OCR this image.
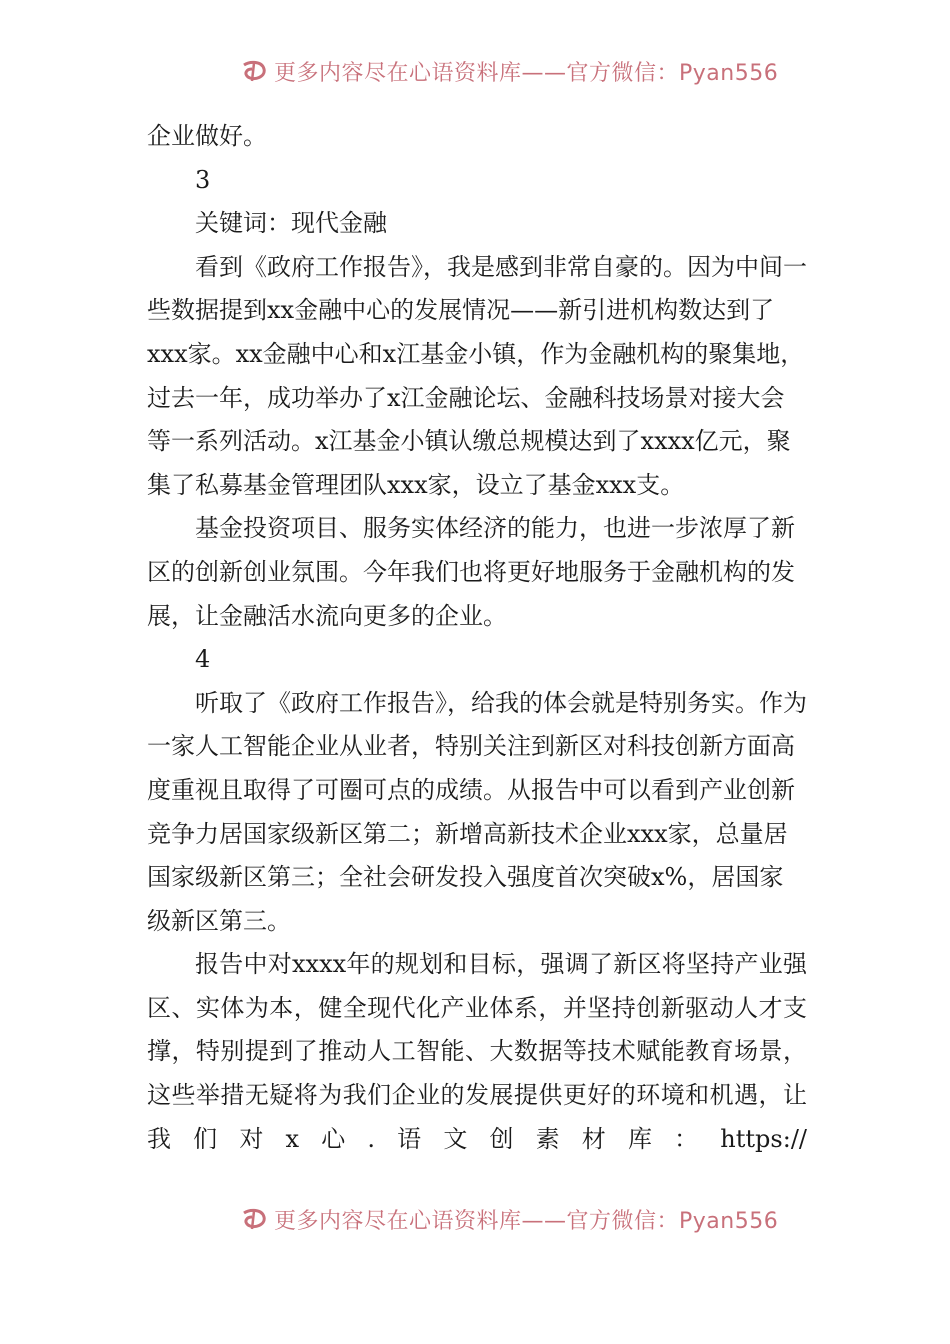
更多内容尽在心语资料库——官方微信：Pyan556

企业做好。

3

关键词：现代金融

看到《政府工作报告》，我是感到非常自豪的。因为中间一些数据提到xx金融中心的发展情况——新引进机构数达到了xxx家。xx金融中心和x江基金小镇，作为金融机构的聚集地，过去一年，成功举办了x江金融论坛、金融科技场景对接大会等一系列活动。x江基金小镇认缴总规模达到了xxxx亿元，聚集了私募基金管理团队xxx家，设立了基金xxx支。

基金投资项目、服务实体经济的能力，也进一步浓厚了新区的创新创业氛围。今年我们也将更好地服务于金融机构的发展，让金融活水流向更多的企业。

4

听取了《政府工作报告》，给我的体会就是特别务实。作为一家人工智能企业从业者，特别关注到新区对科技创新方面高度重视且取得了可圈可点的成绩。从报告中可以看到产业创新竞争力居国家级新区第二；新增高新技术企业xxx家，总量居国家级新区第三；全社会研发投入强度首次突破x%，居国家级新区第三。

报告中对xxxx年的规划和目标，强调了新区将坚持产业强区、实体为本，健全现代化产业体系，并坚持创新驱动人才支撑，特别提到了推动人工智能、大数据等技术赋能教育场景，这些举措无疑将为我们企业的发展提供更好的环境和机遇，让我们对x心.语文创素材库：https://

更多内容尽在心语资料库——官方微信：Pyan556
